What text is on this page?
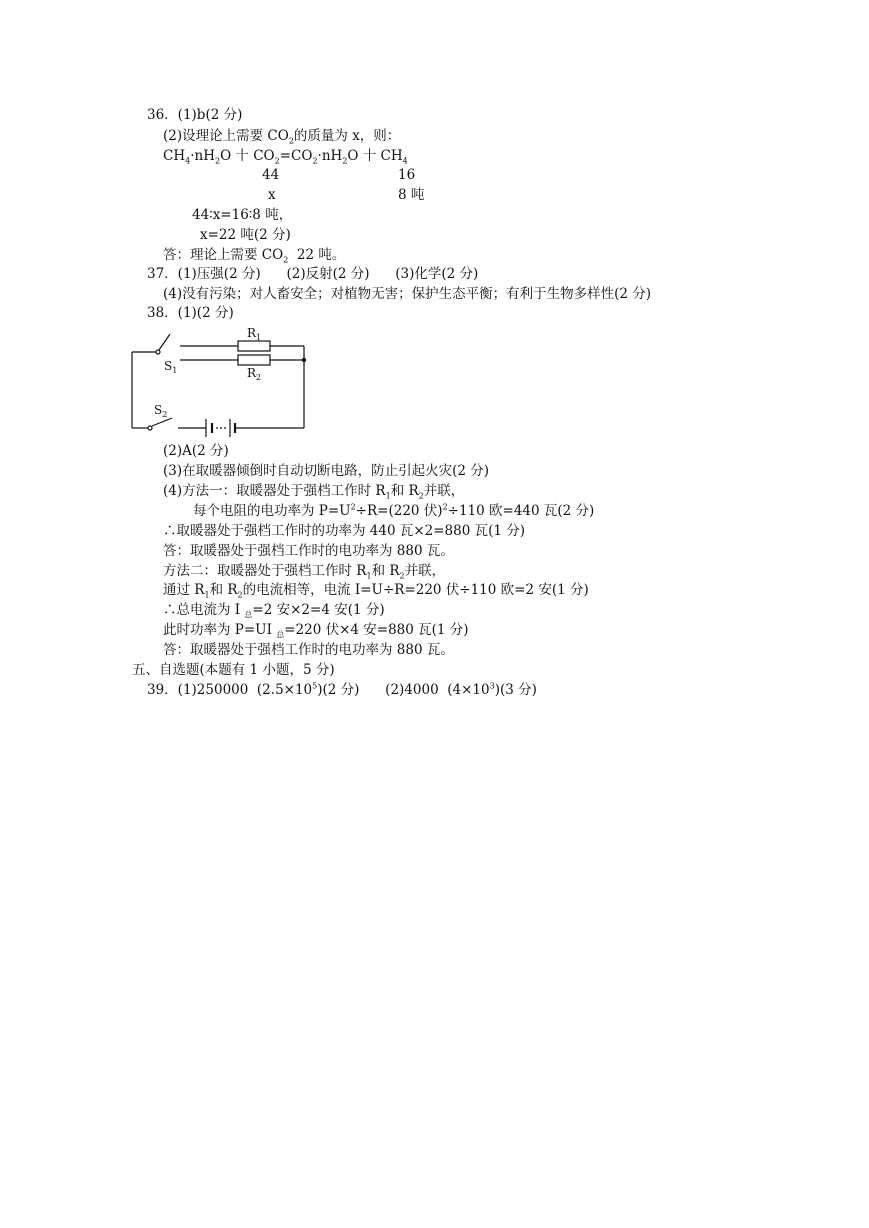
36．(1)b(2 分)
(2)设理论上需要 $CO_2$的质量为 x，则：
$CH_4\cdot nH_2O$ 十 $CO_2=CO_2\cdot nH_2O$ 十 $CH_4$
44	16
x	8 吨
44∶x=16∶8 吨，
x=22 吨(2 分)
答：理论上需要 $CO_2$  22 吨。
37．(1)压强(2 分)      (2)反射(2 分)      (3)化学(2 分)
(4)没有污染；对人畜安全；对植物无害；保护生态平衡；有利于生物多样性(2 分)
38．(1)(2 分)
$R_1$
$R_2$
$S_1$
$S_2$
(2)A(2 分)
(3)在取暖器倾倒时自动切断电路，防止引起火灾(2 分)
(4)方法一：取暖器处于强档工作时 $R_1$和 $R_2$并联，
每个电阻的电功率为 $P=U^2\div R=(220$ 伏)$^2$÷110 欧=440 瓦(2 分)
∴取暖器处于强档工作时的功率为 440 瓦×2=880 瓦(1 分)
答：取暖器处于强档工作时的电功率为 880 瓦。
方法二：取暖器处于强档工作时 $R_1$和 $R_2$并联，
通过 $R_1$和 $R_2$的电流相等，电流 I=U÷R=220 伏÷110 欧=2 安(1 分)
∴总电流为 I $_总$=2 安×2=4 安(1 分)
此时功率为 P=UI $_总$=220 伏×4 安=880 瓦(1 分)
答：取暖器处于强档工作时的电功率为 880 瓦。
五、自选题(本题有 1 小题，5 分)
39．(1)250000  $(2.5\times 10^5)(2$ 分)      (2)4000  $(4\times 10^3)(3$ 分)
